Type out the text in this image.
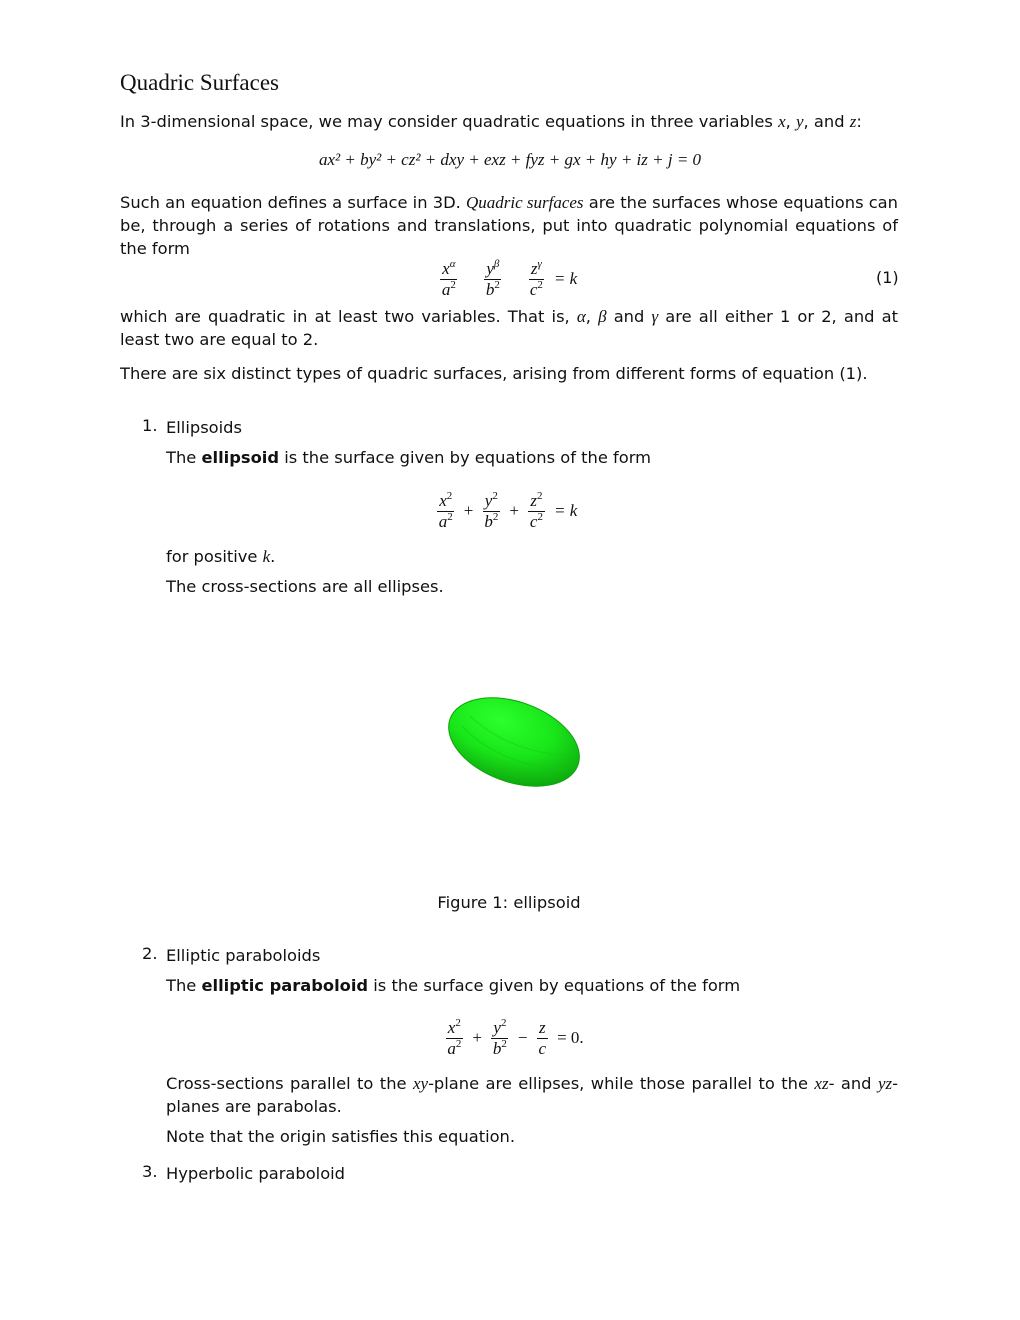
Quadric Surfaces
In 3-dimensional space, we may consider quadratic equations in three variables x, y, and z:
ax² + by² + cz² + dxy + exz + fyz + gx + hy + iz + j = 0
Such an equation defines a surface in 3D. Quadric surfaces are the surfaces whose equations can be, through a series of rotations and translations, put into quadratic polynomial equations of the form
$\frac{x^\alpha}{a^2} \frac{y^\beta}{b^2} \frac{z^\gamma}{c^2} = k$	(1)
which are quadratic in at least two variables. That is, α, β and γ are all either 1 or 2, and at least two are equal to 2.
There are six distinct types of quadric surfaces, arising from different forms of equation (1).
1. Ellipsoids
The ellipsoid is the surface given by equations of the form
$\frac{x^2}{a^2} + \frac{y^2}{b^2} + \frac{z^2}{c^2} = k$
for positive k.
The cross-sections are all ellipses.
Figure 1: ellipsoid
2. Elliptic paraboloids
The elliptic paraboloid is the surface given by equations of the form
$\frac{x^2}{a^2} + \frac{y^2}{b^2} - \frac{z}{c} = 0$.
Cross-sections parallel to the xy-plane are ellipses, while those parallel to the xz- and yz-planes are parabolas.
Note that the origin satisfies this equation.
3. Hyperbolic paraboloid
